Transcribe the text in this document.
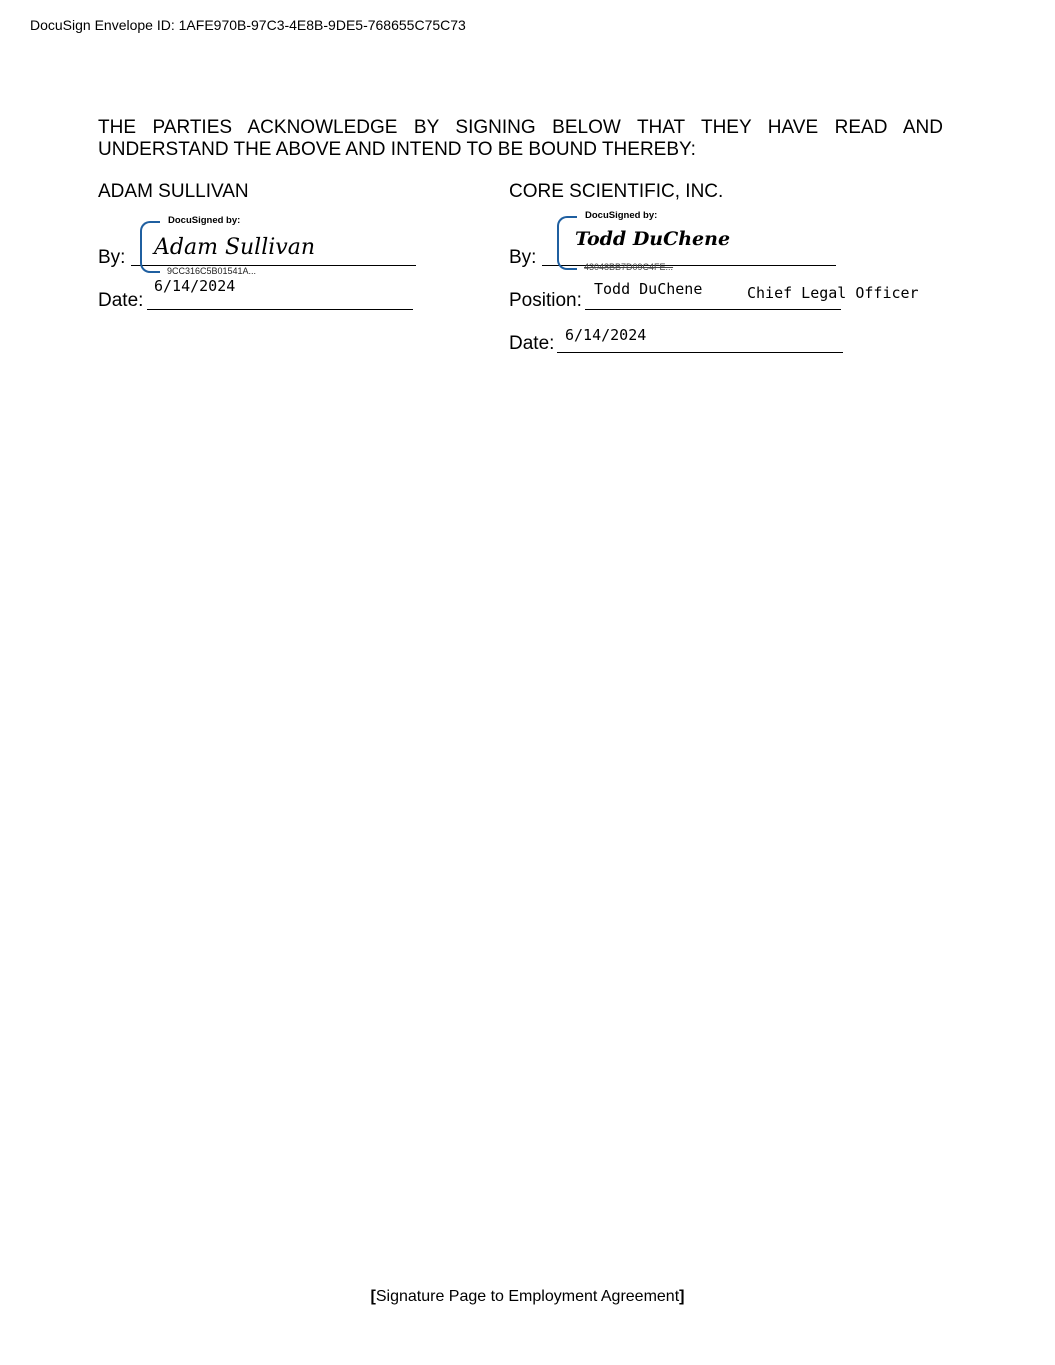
DocuSign Envelope ID: 1AFE970B-97C3-4E8B-9DE5-768655C75C73
THE PARTIES ACKNOWLEDGE BY SIGNING BELOW THAT THEY HAVE READ AND UNDERSTAND THE ABOVE AND INTEND TO BE BOUND THEREBY:
ADAM SULLIVAN
By:
DocuSigned by:
Adam Sullivan
9CC316C5B01541A...
6/14/2024
Date:
CORE SCIENTIFIC, INC.
By:
DocuSigned by:
Todd DuChene
43048BB7D09C4FE...
Todd DuChene	Chief Legal Officer
Position:
6/14/2024
Date:
[Signature Page to Employment Agreement]
